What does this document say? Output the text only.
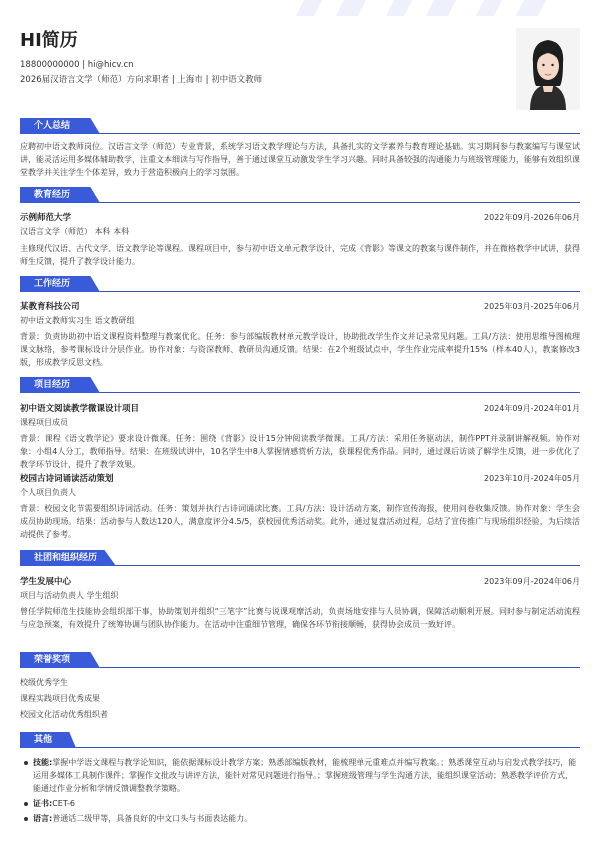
HI简历
18800000000 | hi@hicv.cn
2026届汉语言文学（师范）方向求职者 | 上海市 | 初中语文教师
个人总结
应聘初中语文教师岗位。汉语言文学（师范）专业背景，系统学习语文教学理论与方法，具备扎实的文学素养与教育理论基础。实习期间参与教案编写与课堂试讲，能灵活运用多媒体辅助教学，注重文本细读与写作指导，善于通过课堂互动激发学生学习兴趣。同时具备较强的沟通能力与班级管理能力，能够有效组织课堂教学并关注学生个体差异，致力于营造积极向上的学习氛围。
教育经历
示例师范大学	2022年09月-2026年06月
汉语言文学（师范） 本科 本科
主修现代汉语、古代文学、语文教学论等课程。课程项目中，参与初中语文单元教学设计，完成《背影》等课文的教案与课件制作，并在微格教学中试讲，获得师生反馈，提升了教学设计能力。
工作经历
某教育科技公司	2025年03月-2025年06月
初中语文教师实习生 语文教研组
背景：负责协助初中语文课程资料整理与教案优化。任务：参与部编版教材单元教学设计，协助批改学生作文并记录常见问题。工具/方法：使用思维导图梳理课文脉络，参考课标设计分层作业。协作对象：与资深教师、教研员沟通反馈。结果：在2个班级试点中，学生作业完成率提升15%（样本40人），教案修改3版，形成教学反思文档。
项目经历
初中语文阅读教学微课设计项目	2024年09月-2024年01月
课程项目成员
背景：课程《语文教学论》要求设计微课。任务：围绕《背影》设计15分钟阅读教学微课。工具/方法：采用任务驱动法，制作PPT并录制讲解视频。协作对象：小组4人分工，教师指导。结果：在班级试讲中，10名学生中8人掌握情感赏析方法，获课程优秀作品。同时，通过课后访谈了解学生反馈，进一步优化了教学环节设计，提升了教学效果。
校园古诗词诵读活动策划	2023年10月-2024年05月
个人项目负责人
背景：校园文化节需要组织诗词活动。任务：策划并执行古诗词诵读比赛。工具/方法：设计活动方案，制作宣传海报，使用问卷收集反馈。协作对象：学生会成员协助现场。结果：活动参与人数达120人，满意度评分4.5/5，获校园优秀活动奖。此外，通过复盘活动过程，总结了宣传推广与现场组织经验，为后续活动提供了参考。
社团和组织经历
学生发展中心	2023年09月-2024年06月
项目与活动负责人 学生组织
曾任学院师范生技能协会组织部干事，协助策划并组织“三笔字”比赛与说课观摩活动，负责场地安排与人员协调，保障活动顺利开展。同时参与制定活动流程与应急预案，有效提升了统筹协调与团队协作能力。在活动中注重细节管理，确保各环节衔接顺畅，获得协会成员一致好评。
荣誉奖项
校级优秀学生
课程实践项目优秀成果
校园文化活动优秀组织者
其他
技能:掌握中学语文课程与教学论知识，能依据课标设计教学方案；熟悉部编版教材，能梳理单元重难点并编写教案。；熟悉课堂互动与启发式教学技巧，能运用多媒体工具制作课件；掌握作文批改与讲评方法，能针对常见问题进行指导。；掌握班级管理与学生沟通方法，能组织课堂活动；熟悉教学评价方式，能通过作业分析和学情反馈调整教学策略。
证书:CET-6
语言:普通话二级甲等，具备良好的中文口头与书面表达能力。
